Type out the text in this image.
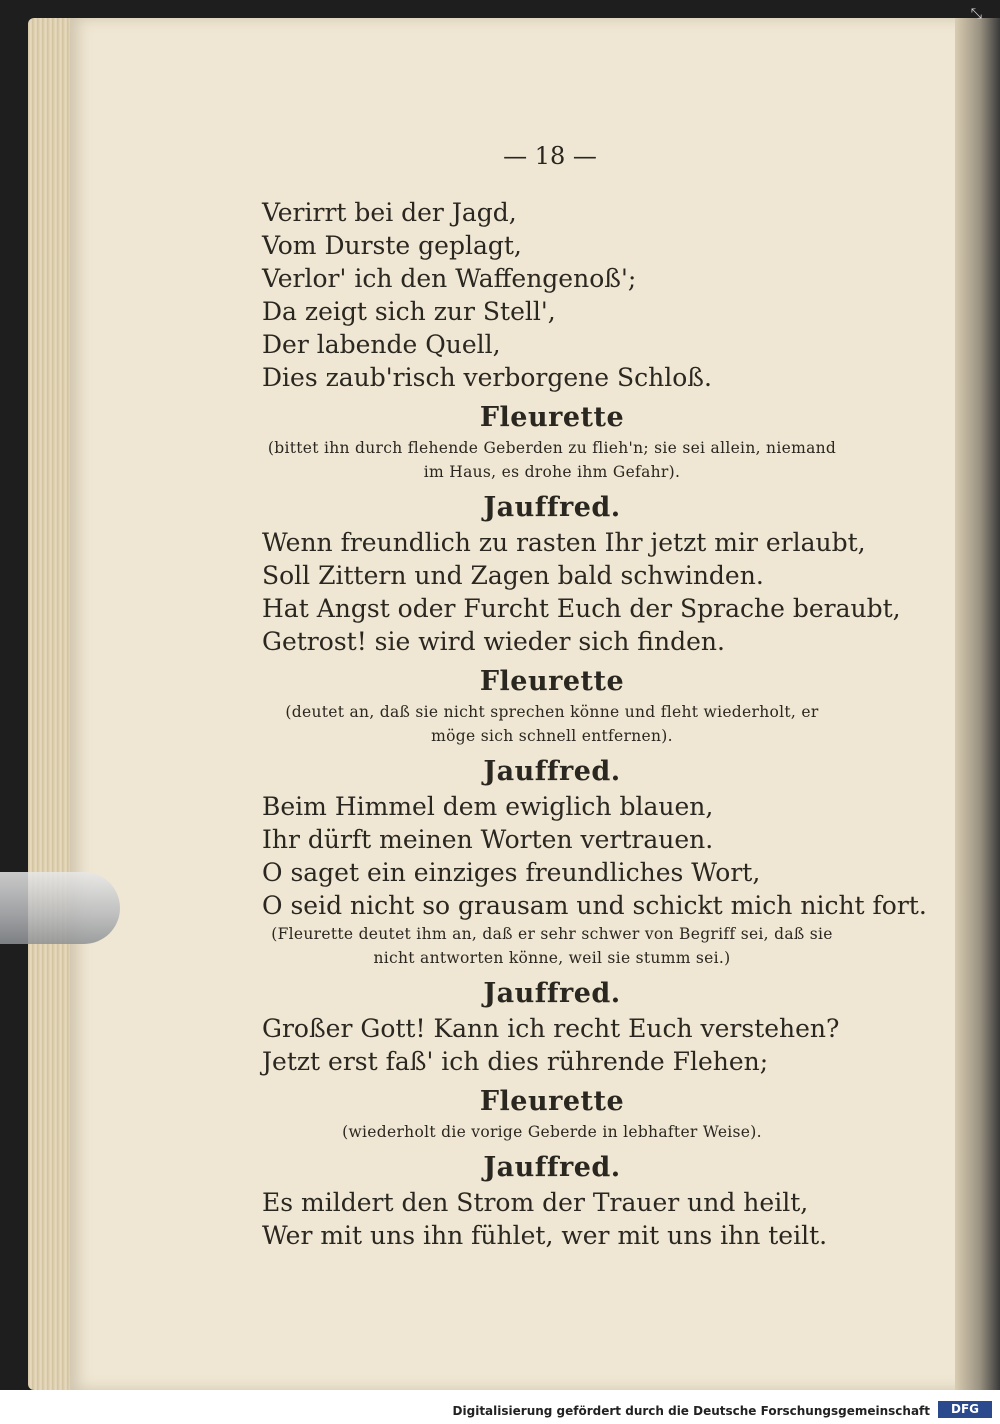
⤡
— 18 —
Verirrt bei der Jagd,
Vom Durste geplagt,
Verlor' ich den Waffengenoß';
Da zeigt sich zur Stell',
Der labende Quell,
Dies zaub'risch verborgene Schloß.
Fleurette
(bittet ihn durch flehende Geberden zu flieh'n; sie sei allein, niemand im Haus, es drohe ihm Gefahr).
Jauffred.
Wenn freundlich zu rasten Ihr jetzt mir erlaubt,
Soll Zittern und Zagen bald schwinden.
Hat Angst oder Furcht Euch der Sprache beraubt,
Getrost! sie wird wieder sich finden.
Fleurette
(deutet an, daß sie nicht sprechen könne und fleht wiederholt, er möge sich schnell entfernen).
Jauffred.
Beim Himmel dem ewiglich blauen,
Ihr dürft meinen Worten vertrauen.
O saget ein einziges freundliches Wort,
O seid nicht so grausam und schickt mich nicht fort.
(Fleurette deutet ihm an, daß er sehr schwer von Begriff sei, daß sie nicht antworten könne, weil sie stumm sei.)
Jauffred.
Großer Gott! Kann ich recht Euch verstehen?
Jetzt erst faß' ich dies rührende Flehen;
Fleurette
(wiederholt die vorige Geberde in lebhafter Weise).
Jauffred.
Es mildert den Strom der Trauer und heilt,
Wer mit uns ihn fühlet, wer mit uns ihn teilt.
Digitalisierung gefördert durch die Deutsche Forschungsgemeinschaft	DFG
